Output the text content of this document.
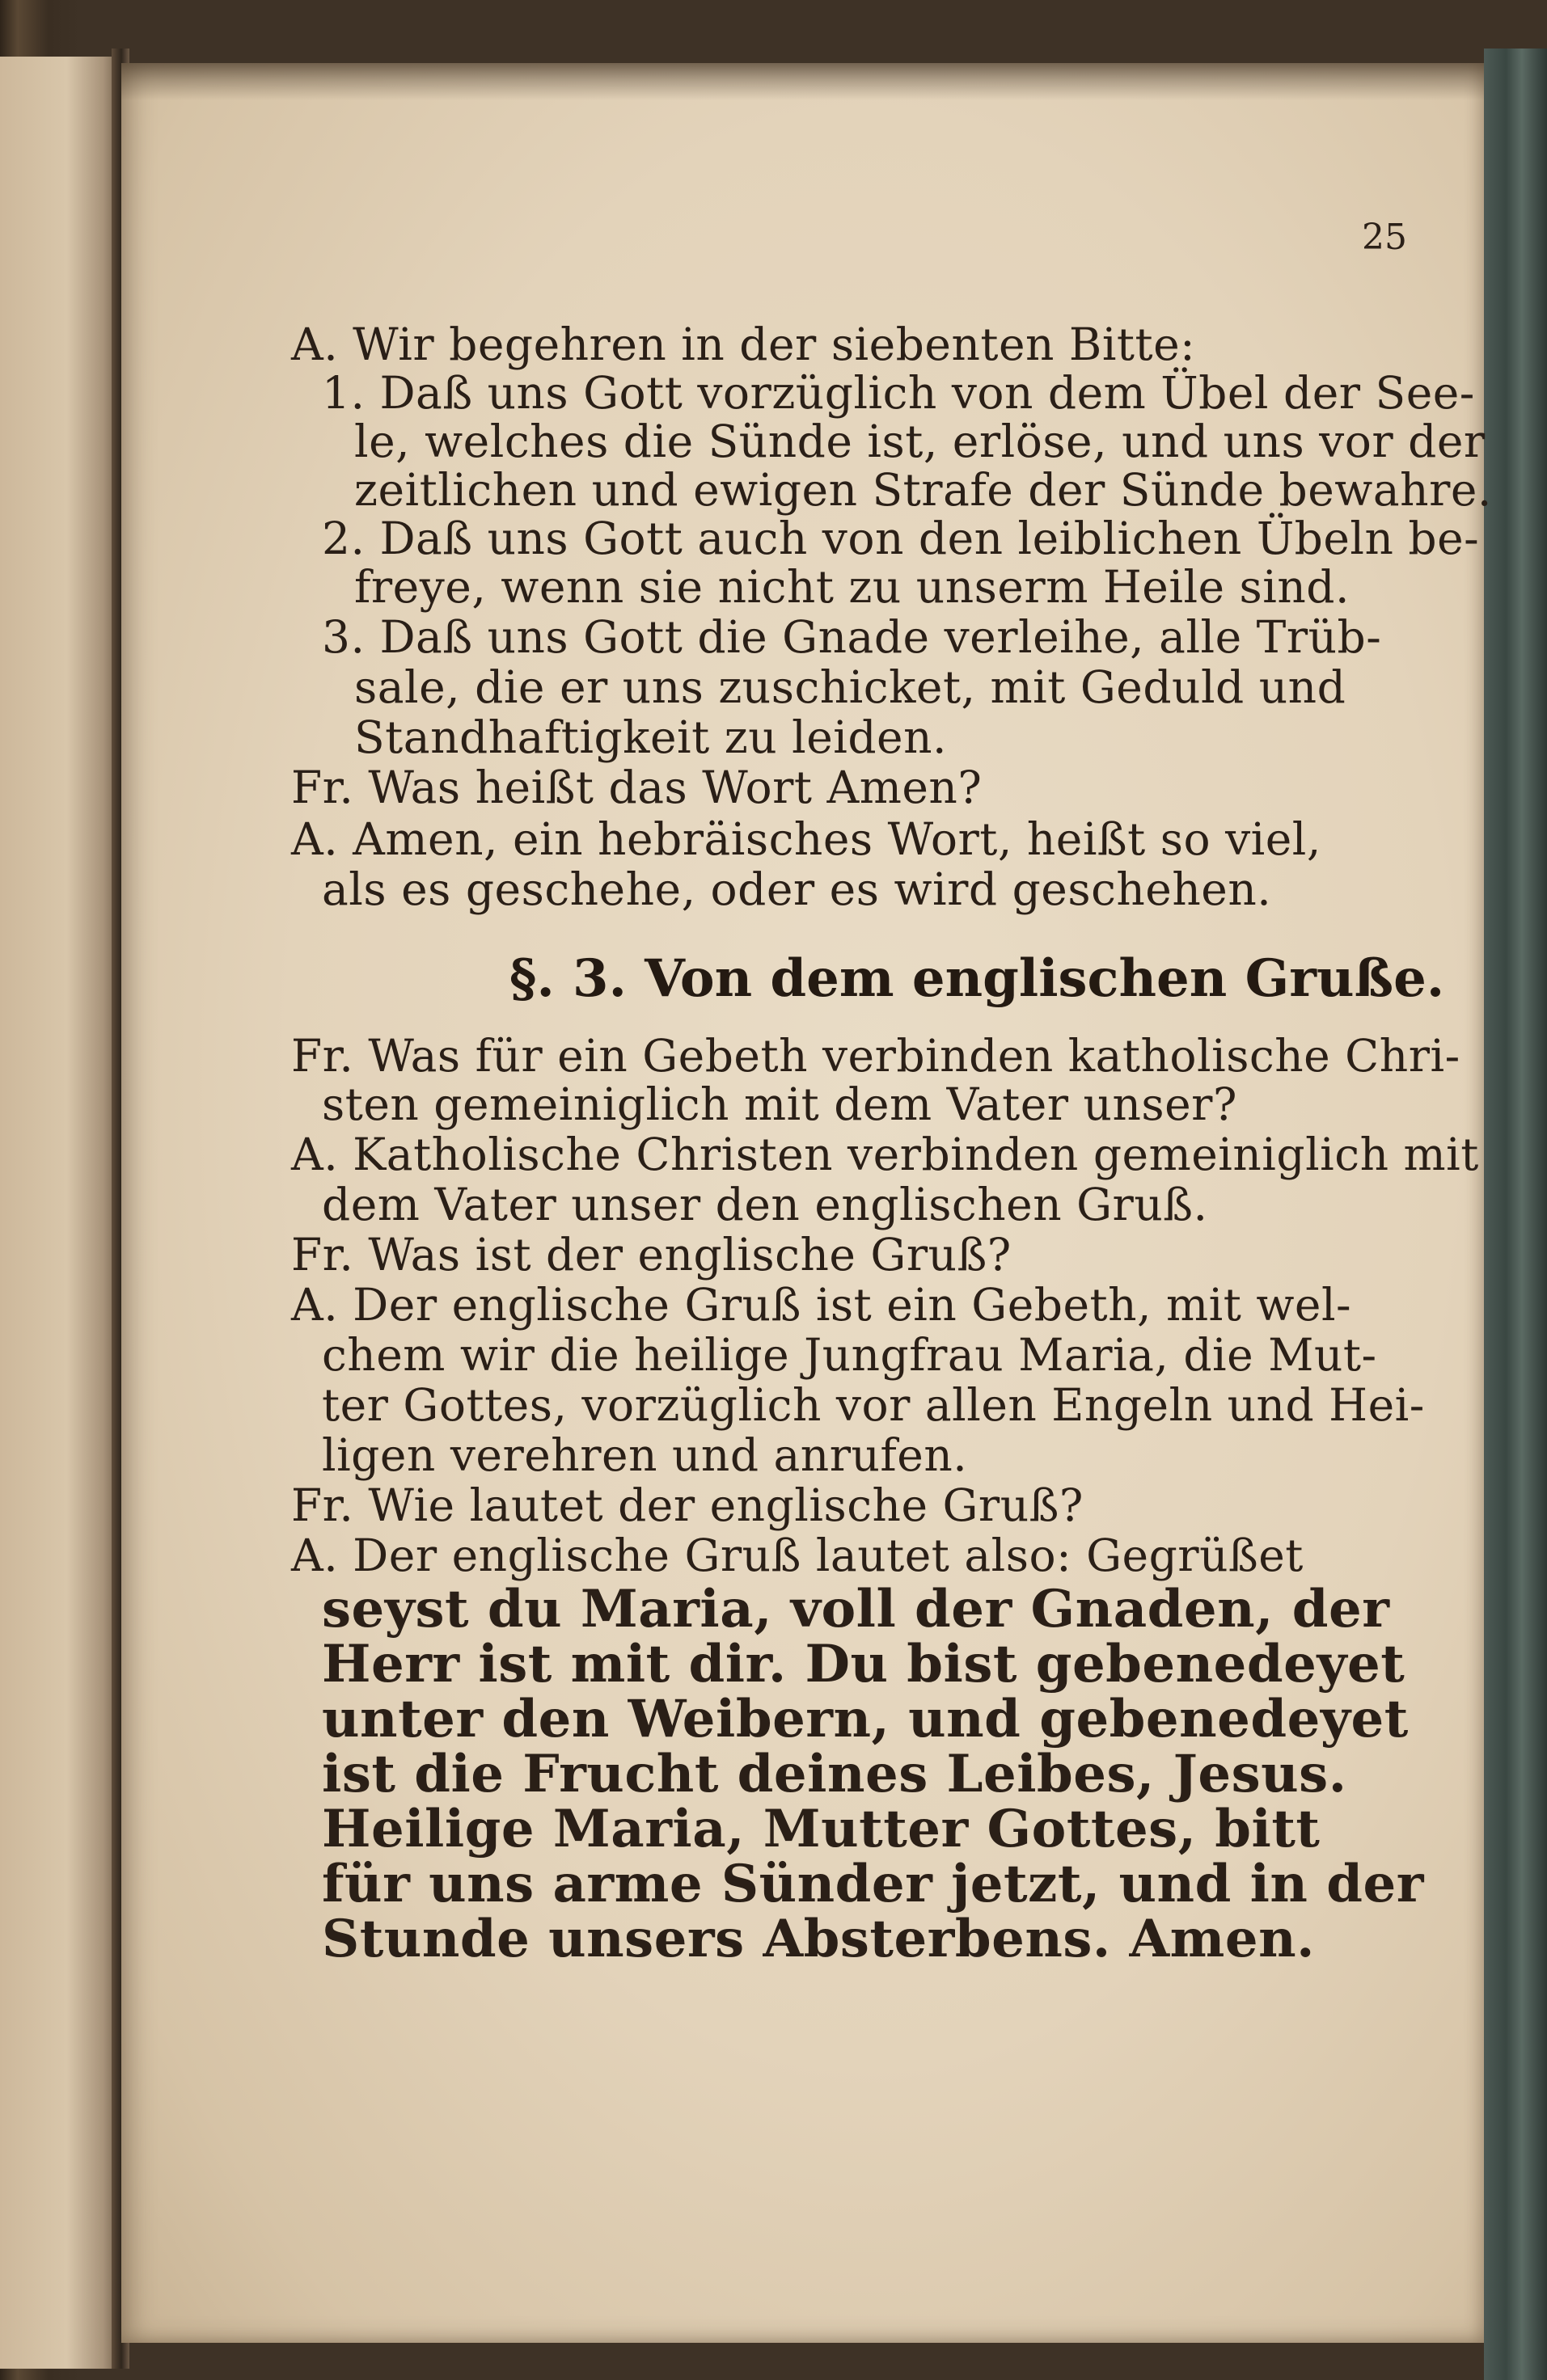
25
A. Wir begehren in der siebenten Bitte:
1. Daß uns Gott vorzüglich von dem Übel der See-
le, welches die Sünde ist, erlöse, und uns vor der
zeitlichen und ewigen Strafe der Sünde bewahre.
2. Daß uns Gott auch von den leiblichen Übeln be-
freye, wenn sie nicht zu unserm Heile sind.
3. Daß uns Gott die Gnade verleihe, alle Trüb-
sale, die er uns zuschicket, mit Geduld und
Standhaftigkeit zu leiden.
Fr. Was heißt das Wort Amen?
A. Amen, ein hebräisches Wort, heißt so viel,
als es geschehe, oder es wird geschehen.
§. 3. Von dem englischen Gruße.
Fr. Was für ein Gebeth verbinden katholische Chri-
sten gemeiniglich mit dem Vater unser?
A. Katholische Christen verbinden gemeiniglich mit
dem Vater unser den englischen Gruß.
Fr. Was ist der englische Gruß?
A. Der englische Gruß ist ein Gebeth, mit wel-
chem wir die heilige Jungfrau Maria, die Mut-
ter Gottes, vorzüglich vor allen Engeln und Hei-
ligen verehren und anrufen.
Fr. Wie lautet der englische Gruß?
A. Der englische Gruß lautet also: Gegrüßet
seyst du Maria, voll der Gnaden, der
Herr ist mit dir. Du bist gebenedeyet
unter den Weibern, und gebenedeyet
ist die Frucht deines Leibes, Jesus.
Heilige Maria, Mutter Gottes, bitt
für uns arme Sünder jetzt, und in der
Stunde unsers Absterbens. Amen.
